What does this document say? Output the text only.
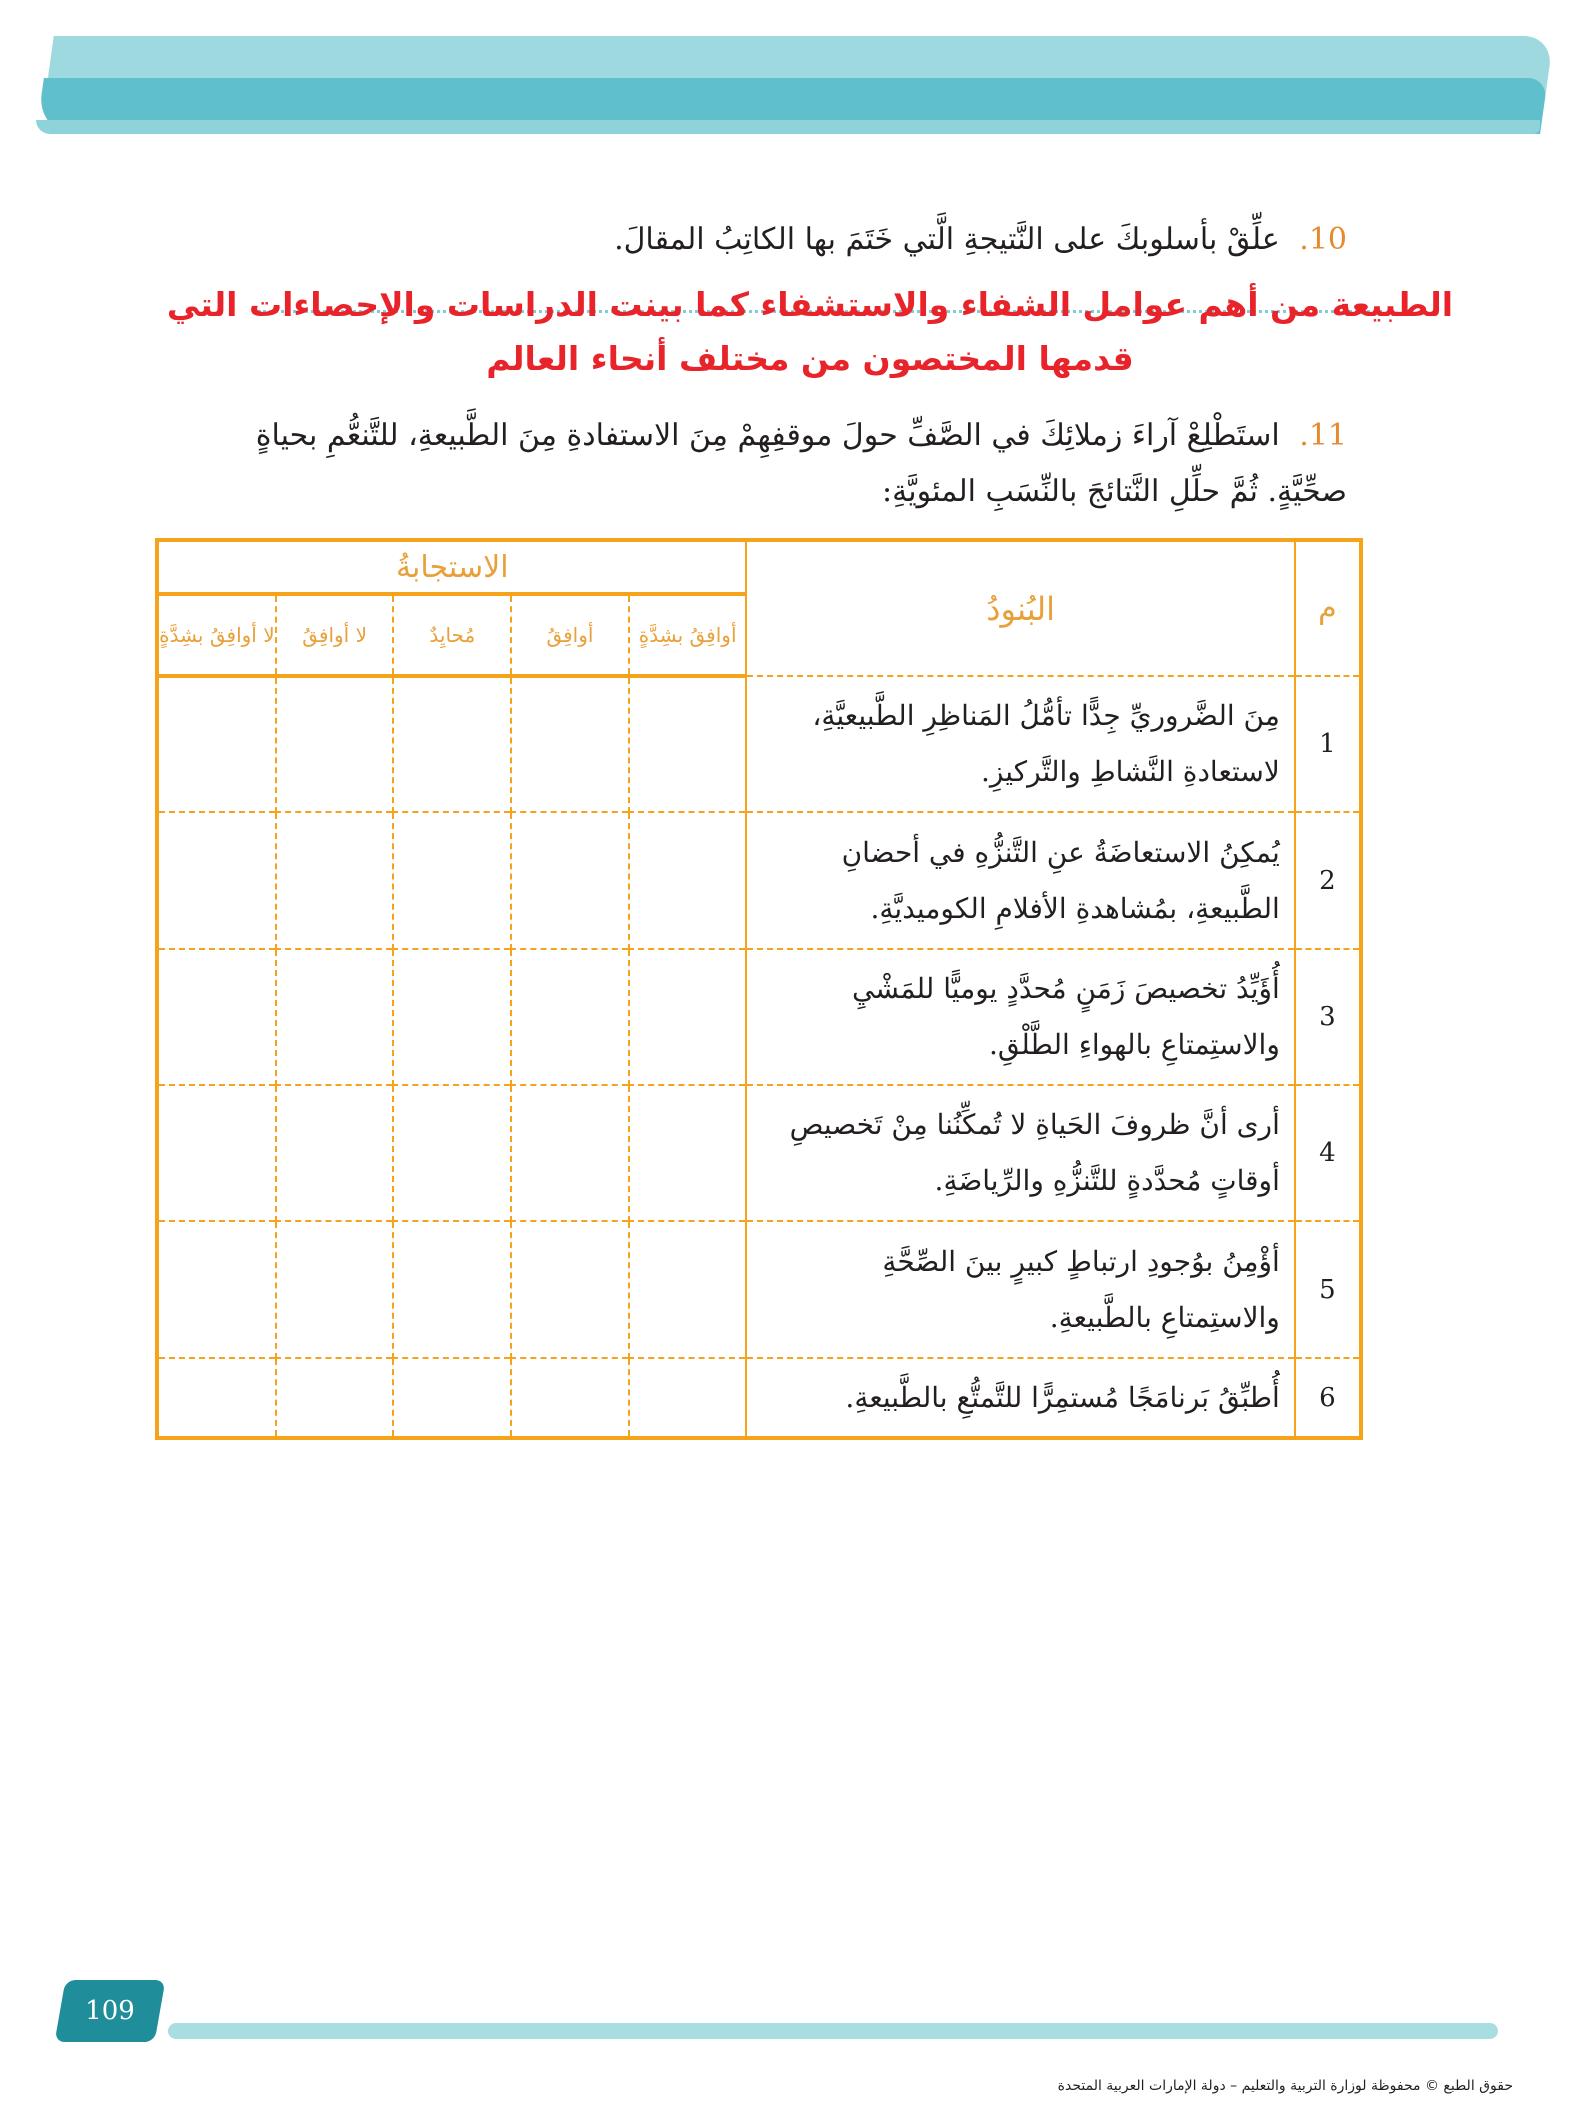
10. علِّقْ بأسلوبكَ على النَّتيجةِ الَّتي خَتَمَ بها الكاتِبُ المقالَ.
الطبيعة من أهم عوامل الشفاء والاستشفاء كما بينت الدراسات والإحصاءات التي قدمها المختصون من مختلف أنحاء العالم
11. استَطْلِعْ آراءَ زملائِكَ في الصَّفِّ حولَ موقفِهِمْ مِنَ الاستفادةِ مِنَ الطَّبيعةِ، للتَّنعُّمِ بحياةٍ صحِّيَّةٍ. ثُمَّ حلِّلِ النَّتائجَ بالنِّسَبِ المئويَّةِ:
م	البُنودُ	الاستجابةُ				
		أوافِقُ بشِدَّةٍ	أوافِقُ	مُحايِدٌ	لا أوافِقُ	لا أوافِقُ بشِدَّةٍ
1	مِنَ الضَّروريِّ جِدًّا تأمُّلُ المَناظِرِ الطَّبيعيَّةِ، لاستعادةِ النَّشاطِ والتَّركيزِ.					
2	يُمكِنُ الاستعاضَةُ عنِ التَّنزُّهِ في أحضانِ الطَّبيعةِ، بمُشاهدةِ الأفلامِ الكوميديَّةِ.					
3	أُؤَيِّدُ تخصيصَ زَمَنٍ مُحدَّدٍ يوميًّا للمَشْيِ والاستِمتاعِ بالهواءِ الطَّلْقِ.					
4	أرى أنَّ ظروفَ الحَياةِ لا تُمكِّنُنا مِنْ تَخصيصِ أوقاتٍ مُحدَّدةٍ للتَّنزُّهِ والرِّياضَةِ.					
5	أؤْمِنُ بوُجودِ ارتباطٍ كبيرٍ بينَ الصِّحَّةِ والاستِمتاعِ بالطَّبيعةِ.					
6	أُطبِّقُ بَرنامَجًا مُستمِرًّا للتَّمتُّعِ بالطَّبيعةِ.					
109
حقوق الطبع © محفوظة لوزارة التربية والتعليم – دولة الإمارات العربية المتحدة
